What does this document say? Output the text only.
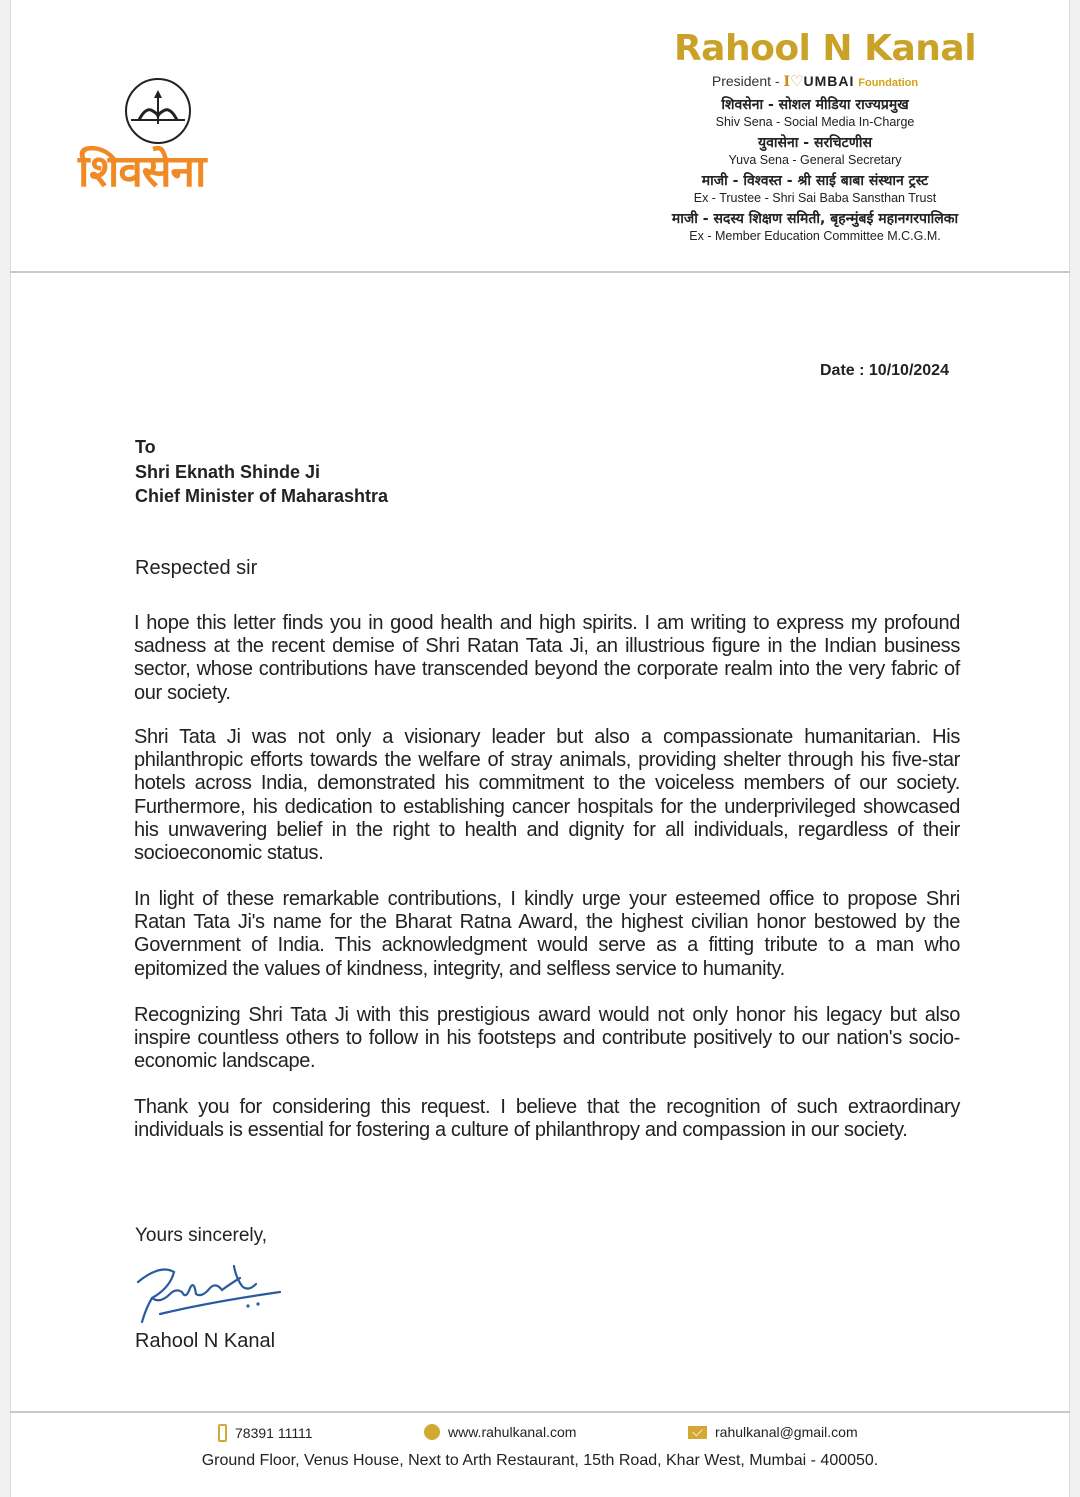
शिवसेना
Rahool N Kanal
President - I♡UMBAI Foundation
शिवसेना - सोशल मीडिया राज्यप्रमुख
Shiv Sena - Social Media In-Charge
युवासेना - सरचिटणीस
Yuva Sena - General Secretary
माजी - विश्वस्त - श्री साई बाबा संस्थान ट्रस्ट
Ex - Trustee - Shri Sai Baba Sansthan Trust
माजी - सदस्य शिक्षण समिती, बृहन्मुंबई महानगरपालिका
Ex - Member Education Committee M.C.G.M.
Date : 10/10/2024
To
Shri Eknath Shinde Ji
Chief Minister of Maharashtra
Respected sir

I hope this letter finds you in good health and high spirits. I am writing to express my profound sadness at the recent demise of Shri Ratan Tata Ji, an illustrious figure in the Indian business sector, whose contributions have transcended beyond the corporate realm into the very fabric of our society.

Shri Tata Ji was not only a visionary leader but also a compassionate humanitarian. His philanthropic efforts towards the welfare of stray animals, providing shelter through his five-star hotels across India, demonstrated his commitment to the voiceless members of our society. Furthermore, his dedication to establishing cancer hospitals for the underprivileged showcased his unwavering belief in the right to health and dignity for all individuals, regardless of their socioeconomic status.

In light of these remarkable contributions, I kindly urge your esteemed office to propose Shri Ratan Tata Ji's name for the Bharat Ratna Award, the highest civilian honor bestowed by the Government of India. This acknowledgment would serve as a fitting tribute to a man who epitomized the values of kindness, integrity, and selfless service to humanity.

Recognizing Shri Tata Ji with this prestigious award would not only honor his legacy but also inspire countless others to follow in his footsteps and contribute positively to our nation's socio-economic landscape.

Thank you for considering this request. I believe that the recognition of such extraordinary individuals is essential for fostering a culture of philanthropy and compassion in our society.

Yours sincerely,
Rahool N Kanal
78391 11111	www.rahulkanal.com	rahulkanal@gmail.com
Ground Floor, Venus House, Next to Arth Restaurant, 15th Road, Khar West, Mumbai - 400050.
